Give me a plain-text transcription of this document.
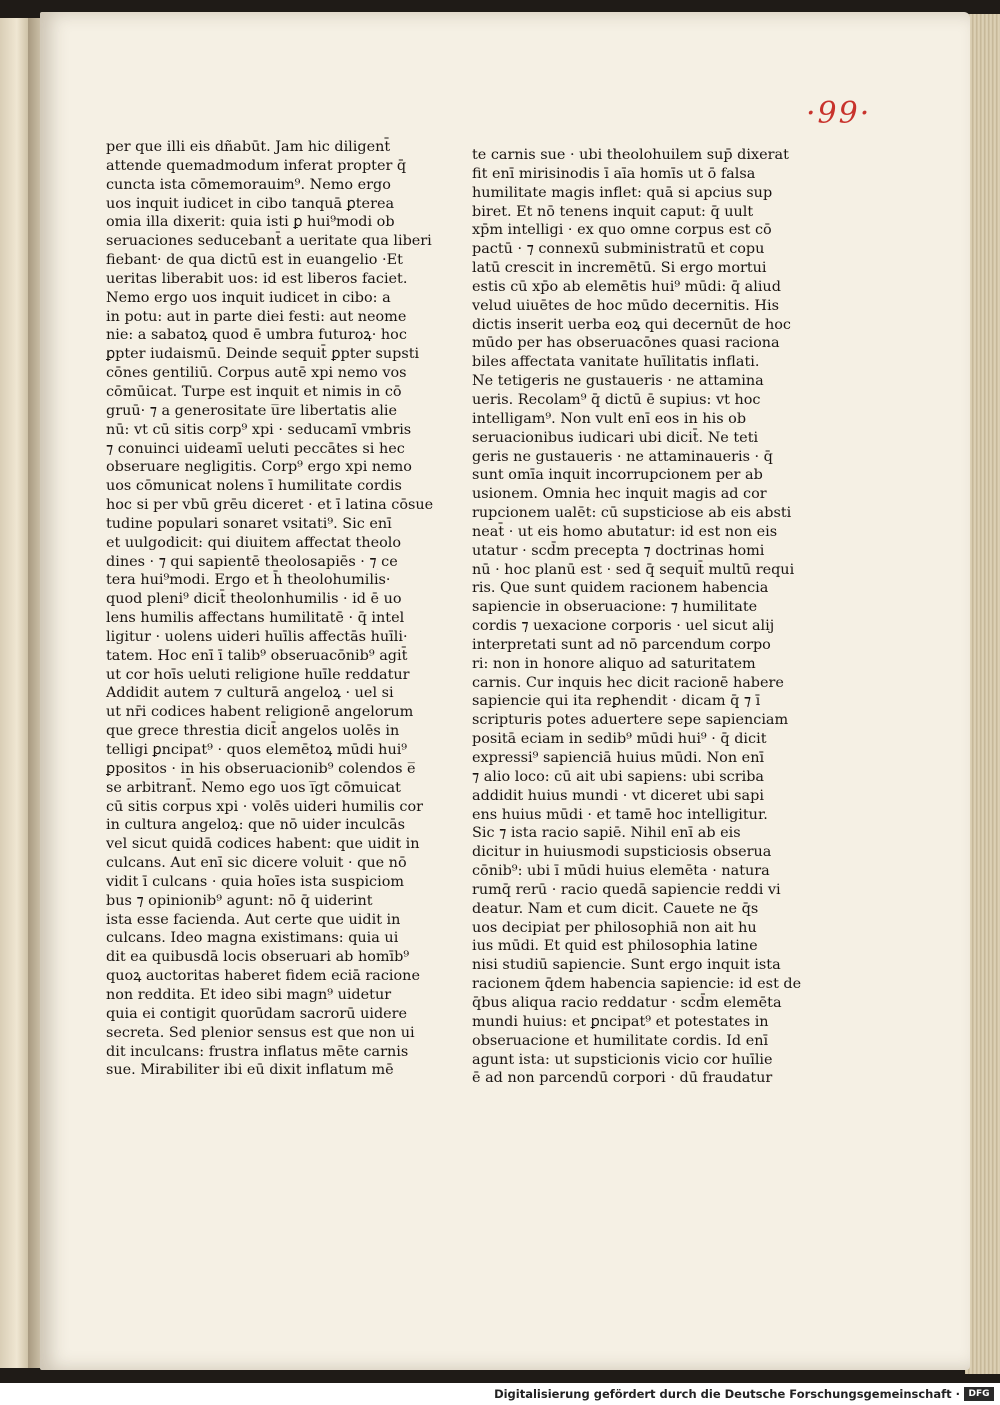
·99·
per que illi eis dñabūt. Jam hic diligent̄
attende quemadmodum inferat propter q̄
cuncta ista cōmemorauim⁹. Nemo ergo
uos inquit iudicet in cibo tanquā ꝑterea
omia illa dixerit: quia isti ꝑ hui⁹modi ob
seruaciones seducebant̄ a ueritate qua liberi
fiebant· de qua dictū est in euangelio ·Et
ueritas liberabit uos: id est liberos faciet.
Nemo ergo uos inquit iudicet in cibo: a
in potu: aut in parte diei festi: aut neome
nie: a sabatoꝝ quod ē umbra futuroꝝ· hoc
ꝑpter iudaismū. Deinde sequit̄ ꝑpter supsti
cōnes gentiliū. Corpus autē xpi nemo vos
cōmūicat. Turpe est inquit et nimis in cō
gruū· ⁊ a generositate u̅re libertatis alie
nū: vt cū sitis corp⁹ xpi · seducamī vmbris
⁊ conuinci uideamī ueluti peccātes si hec
obseruare negligitis. Corp⁹ ergo xpi nemo
uos cōmunicat nolens ī humilitate cordis
hoc si per vbū grēu diceret · et ī latina cōsue
tudine populari sonaret vsitati⁹. Sic enī
et uulgodicit: qui diuitem affectat theolo
dines · ⁊ qui sapientē theolosapiēs · ⁊ ce
tera hui⁹modi. Ergo et h̄ theolohumilis·
quod pleni⁹ dicit̄ theolonhumilis · id ē uo
lens humilis affectans humilitatē · q̄ intel
ligitur · uolens uideri huīlis affectās huīli·
tatem. Hoc enī ī talib⁹ obseruacōnib⁹ agit̄
ut cor hoīs ueluti religione huīle reddatur
Addidit autem ⁊ culturā angeloꝝ · uel si
ut nr̄i codices habent religionē angelorum
que grece threstia dicit̄ angelos uolēs in
telligi ꝑncipat⁹ · quos elemētoꝝ mūdi hui⁹
ꝑpositos · in his obseruacionib⁹ colendos e̅
se arbitrant̄. Nemo ego uos i̅gt cōmuicat
cū sitis corpus xpi · volēs uideri humilis cor
in cultura angeloꝝ: que nō uider inculcās
vel sicut quidā codices habent: que uidit in
culcans. Aut enī sic dicere voluit · que nō
vidit ī culcans · quia hoīes ista suspiciom
bus ⁊ opinionib⁹ agunt: nō q̄ uiderint
ista esse facienda. Aut certe que uidit in
culcans. Ideo magna existimans: quia ui
dit ea quibusdā locis obseruari ab homīb⁹
quoꝝ auctoritas haberet fidem eciā racione
non reddita. Et ideo sibi magn⁹ uidetur
quia ei contigit quorūdam sacrorū uidere
secreta. Sed plenior sensus est que non ui
dit inculcans: frustra inflatus mēte carnis
sue. Mirabiliter ibi eū dixit inflatum mē
te carnis sue · ubi theolohuilem sup̄ dixerat
fit enī mirisinodis ī aīa homīs ut ō falsa
humilitate magis inflet: quā si apcius sup
biret. Et nō tenens inquit caput: q̄ uult
xp̄m intelligi · ex quo omne corpus est cō
pactū · ⁊ connexū subministratū et copu
latū crescit in incremētū. Si ergo mortui
estis cū xp̄o ab elemētis hui⁹ mūdi: q̄ aliud
velud uiuētes de hoc mūdo decernitis. His
dictis inserit uerba eoꝝ qui decernūt de hoc
mūdo per has obseruacōnes quasi raciona
biles affectata vanitate huīlitatis inflati.
Ne tetigeris ne gustaueris · ne attamina
ueris. Recolam⁹ q̄ dictū ē supius: vt hoc
intelligam⁹. Non vult enī eos in his ob
seruacionibus iudicari ubi dicit̄. Ne teti
geris ne gustaueris · ne attaminaueris · q̄
sunt omīa inquit incorrupcionem per ab
usionem. Omnia hec inquit magis ad cor
rupcionem ualēt: cū supsticiose ab eis absti
neat̄ · ut eis homo abutatur: id est non eis
utatur · scd̄m precepta ⁊ doctrinas homi
nū · hoc planū est · sed q̄ sequit̄ multū requi
ris. Que sunt quidem racionem habencia
sapiencie in obseruacione: ⁊ humilitate
cordis ⁊ uexacione corporis · uel sicut alij
interpretati sunt ad nō parcendum corpo
ri: non in honore aliquo ad saturitatem
carnis. Cur inquis hec dicit racionē habere
sapiencie qui ita reꝑhendit · dicam q̄ ⁊ ī
scripturis potes aduertere sepe sapienciam
positā eciam in sedib⁹ mūdi hui⁹ · q̄ dicit
expressi⁹ sapienciā huius mūdi. Non enī
⁊ alio loco: cū ait ubi sapiens: ubi scriba
addidit huius mundi · vt diceret ubi sapi
ens huius mūdi · et tamē hoc intelligitur.
Sic ⁊ ista racio sapiē. Nihil enī ab eis
dicitur in huiusmodi supsticiosis obserua
cōnib⁹: ubi ī mūdi huius elemēta · natura
rumq̄ rerū · racio quedā sapiencie reddi vi
deatur. Nam et cum dicit. Cauete ne q̄s
uos decipiat per philosophiā non ait hu
ius mūdi. Et quid est philosophia latine
nisi studiū sapiencie. Sunt ergo inquit ista
racionem q̄dem habencia sapiencie: id est de
q̄bus aliqua racio reddatur · scd̄m elemēta
mundi huius: et ꝑncipat⁹ et potestates in
obseruacione et humilitate cordis. Id enī
agunt ista: ut supsticionis vicio cor huīlie
ē ad non parcendū corpori · dū fraudatur
Digitalisierung gefördert durch die Deutsche Forschungsgemeinschaft · DFG
